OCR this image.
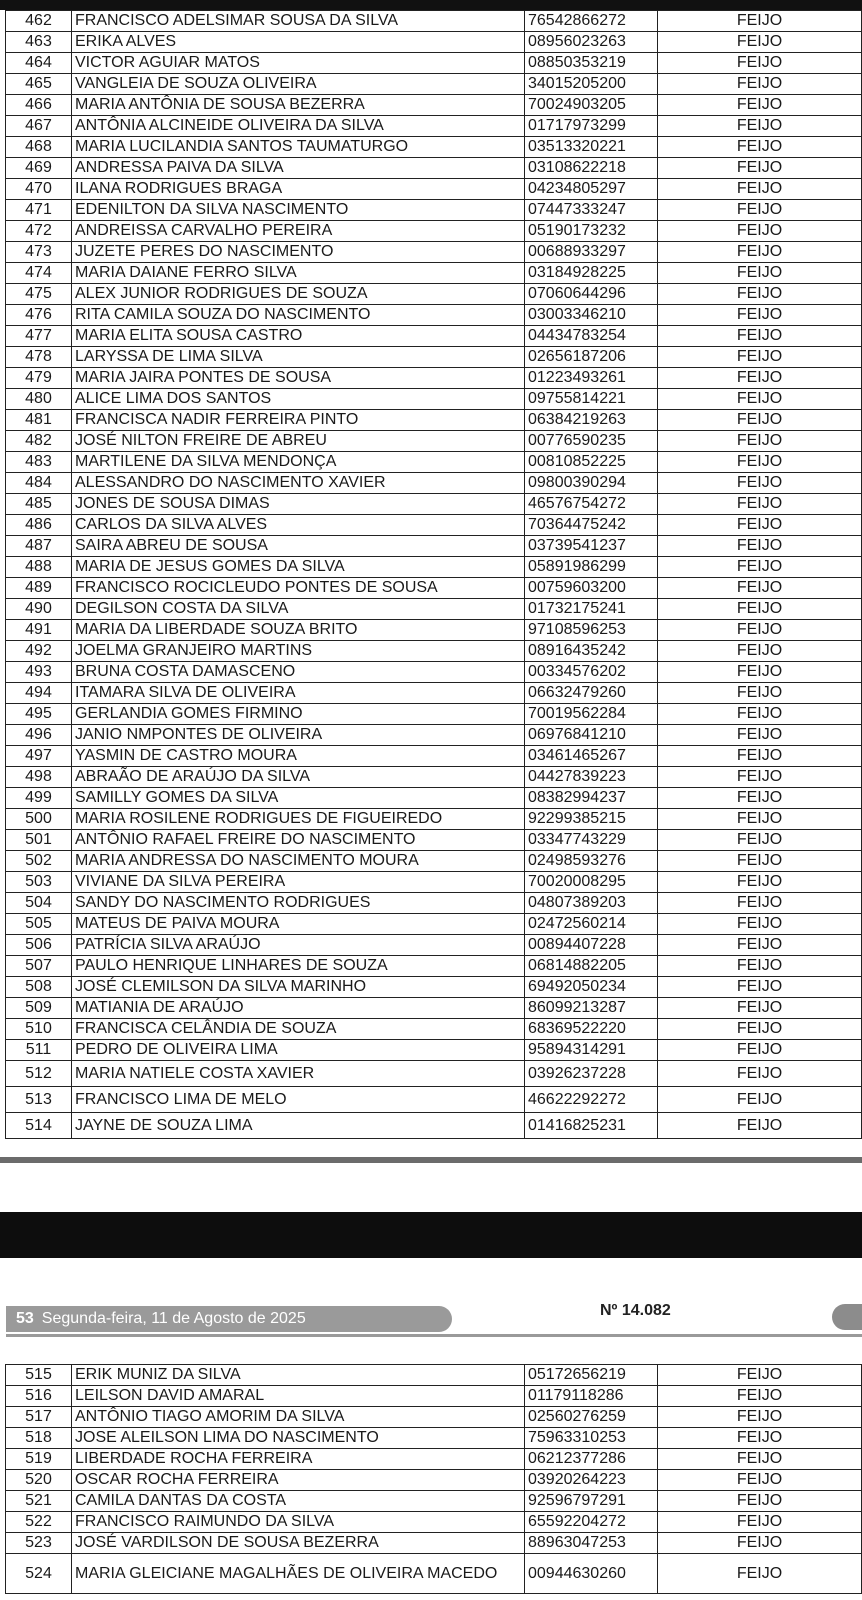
462	FRANCISCO ADELSIMAR SOUSA DA SILVA	76542866272	FEIJO
463	ERIKA ALVES	08956023263	FEIJO
464	VICTOR AGUIAR MATOS	08850353219	FEIJO
465	VANGLEIA DE SOUZA OLIVEIRA	34015205200	FEIJO
466	MARIA ANTÔNIA DE SOUSA BEZERRA	70024903205	FEIJO
467	ANTÔNIA ALCINEIDE OLIVEIRA DA SILVA	01717973299	FEIJO
468	MARIA LUCILANDIA SANTOS TAUMATURGO	03513320221	FEIJO
469	ANDRESSA PAIVA DA SILVA	03108622218	FEIJO
470	ILANA RODRIGUES BRAGA	04234805297	FEIJO
471	EDENILTON DA SILVA NASCIMENTO	07447333247	FEIJO
472	ANDREISSA CARVALHO PEREIRA	05190173232	FEIJO
473	JUZETE PERES DO NASCIMENTO	00688933297	FEIJO
474	MARIA DAIANE FERRO SILVA	03184928225	FEIJO
475	ALEX JUNIOR RODRIGUES DE SOUZA	07060644296	FEIJO
476	RITA CAMILA SOUZA DO NASCIMENTO	03003346210	FEIJO
477	MARIA ELITA SOUSA CASTRO	04434783254	FEIJO
478	LARYSSA DE LIMA SILVA	02656187206	FEIJO
479	MARIA JAIRA PONTES DE SOUSA	01223493261	FEIJO
480	ALICE LIMA DOS SANTOS	09755814221	FEIJO
481	FRANCISCA NADIR FERREIRA PINTO	06384219263	FEIJO
482	JOSÉ NILTON FREIRE DE ABREU	00776590235	FEIJO
483	MARTILENE DA SILVA MENDONÇA	00810852225	FEIJO
484	ALESSANDRO DO NASCIMENTO XAVIER	09800390294	FEIJO
485	JONES DE SOUSA DIMAS	46576754272	FEIJO
486	CARLOS DA SILVA ALVES	70364475242	FEIJO
487	SAIRA ABREU DE SOUSA	03739541237	FEIJO
488	MARIA DE JESUS GOMES DA SILVA	05891986299	FEIJO
489	FRANCISCO ROCICLEUDO PONTES DE SOUSA	00759603200	FEIJO
490	DEGILSON COSTA DA SILVA	01732175241	FEIJO
491	MARIA DA LIBERDADE SOUZA BRITO	97108596253	FEIJO
492	JOELMA GRANJEIRO MARTINS	08916435242	FEIJO
493	BRUNA COSTA DAMASCENO	00334576202	FEIJO
494	ITAMARA SILVA DE OLIVEIRA	06632479260	FEIJO
495	GERLANDIA GOMES FIRMINO	70019562284	FEIJO
496	JANIO NMPONTES DE OLIVEIRA	06976841210	FEIJO
497	YASMIN DE CASTRO MOURA	03461465267	FEIJO
498	ABRAÃO DE ARAÚJO DA SILVA	04427839223	FEIJO
499	SAMILLY GOMES DA SILVA	08382994237	FEIJO
500	MARIA ROSILENE RODRIGUES DE FIGUEIREDO	92299385215	FEIJO
501	ANTÔNIO RAFAEL FREIRE DO NASCIMENTO	03347743229	FEIJO
502	MARIA ANDRESSA DO NASCIMENTO MOURA	02498593276	FEIJO
503	VIVIANE DA SILVA PEREIRA	70020008295	FEIJO
504	SANDY DO NASCIMENTO RODRIGUES	04807389203	FEIJO
505	MATEUS DE PAIVA MOURA	02472560214	FEIJO
506	PATRÍCIA SILVA ARAÚJO	00894407228	FEIJO
507	PAULO HENRIQUE LINHARES DE SOUZA	06814882205	FEIJO
508	JOSÉ CLEMILSON DA SILVA MARINHO	69492050234	FEIJO
509	MATIANIA DE ARAÚJO	86099213287	FEIJO
510	FRANCISCA CELÂNDIA DE SOUZA	68369522220	FEIJO
511	PEDRO DE OLIVEIRA LIMA	95894314291	FEIJO
512	MARIA NATIELE COSTA XAVIER	03926237228	FEIJO
513	FRANCISCO LIMA DE MELO	46622292272	FEIJO
514	JAYNE DE SOUZA LIMA	01416825231	FEIJO
53 Segunda-feira, 11 de Agosto de 2025	Nº 14.082
515	ERIK MUNIZ DA SILVA	05172656219	FEIJO
516	LEILSON DAVID AMARAL	01179118286	FEIJO
517	ANTÔNIO TIAGO AMORIM DA SILVA	02560276259	FEIJO
518	JOSE ALEILSON LIMA DO NASCIMENTO	75963310253	FEIJO
519	LIBERDADE ROCHA FERREIRA	06212377286	FEIJO
520	OSCAR ROCHA FERREIRA	03920264223	FEIJO
521	CAMILA DANTAS DA COSTA	92596797291	FEIJO
522	FRANCISCO RAIMUNDO DA SILVA	65592204272	FEIJO
523	JOSÉ VARDILSON DE SOUSA BEZERRA	88963047253	FEIJO
524	MARIA GLEICIANE MAGALHÃES DE OLIVEIRA MACEDO	00944630260	FEIJO
